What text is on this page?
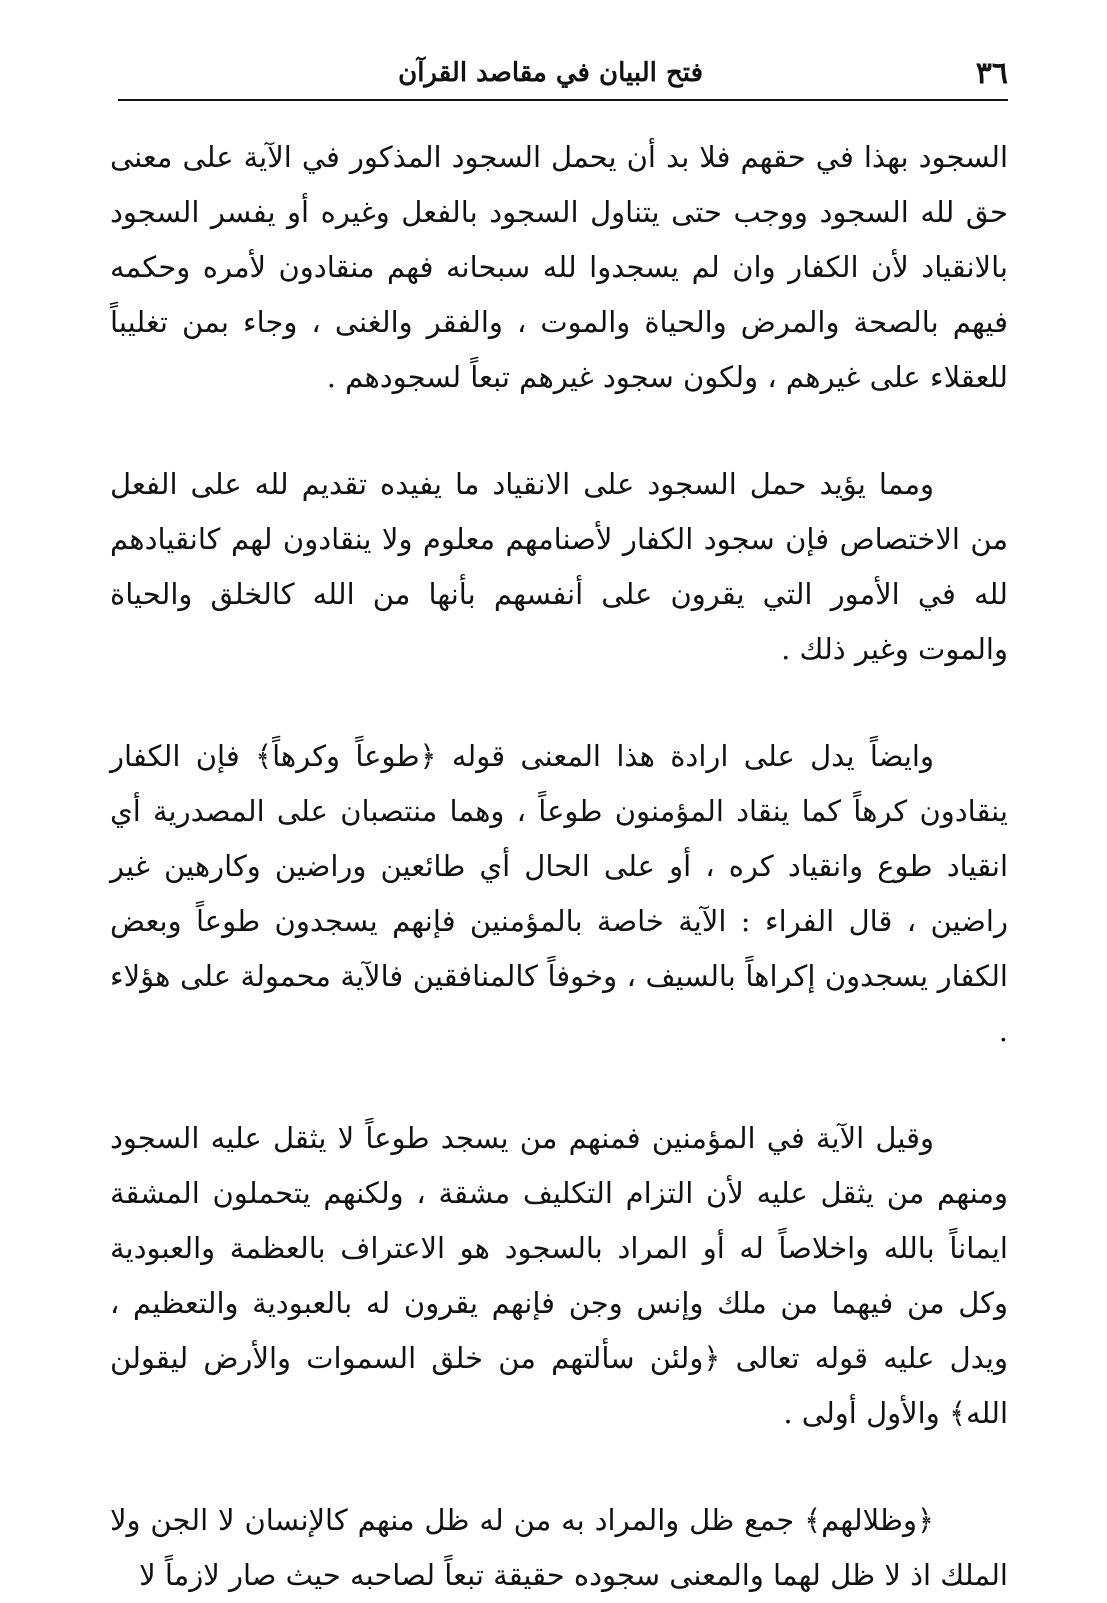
٣٦
فتح البيان في مقاصد القرآن

السجود بهذا في حقهم فلا بد أن يحمل السجود المذكور في الآية على معنى حق لله السجود ووجب حتى يتناول السجود بالفعل وغيره أو يفسر السجود بالانقياد لأن الكفار وان لم يسجدوا لله سبحانه فهم منقادون لأمره وحكمه فيهم بالصحة والمرض والحياة والموت ، والفقر والغنى ، وجاء بمن تغليباً للعقلاء على غيرهم ، ولكون سجود غيرهم تبعاً لسجودهم .

ومما يؤيد حمل السجود على الانقياد ما يفيده تقديم لله على الفعل من الاختصاص فإن سجود الكفار لأصنامهم معلوم ولا ينقادون لهم كانقيادهم لله في الأمور التي يقرون على أنفسهم بأنها من الله كالخلق والحياة والموت وغير ذلك .

وايضاً يدل على ارادة هذا المعنى قوله ﴿طوعاً وكرهاً﴾ فإن الكفار ينقادون كرهاً كما ينقاد المؤمنون طوعاً ، وهما منتصبان على المصدرية أي انقياد طوع وانقياد كره ، أو على الحال أي طائعين وراضين وكارهين غير راضين ، قال الفراء : الآية خاصة بالمؤمنين فإنهم يسجدون طوعاً وبعض الكفار يسجدون إكراهاً بالسيف ، وخوفاً كالمنافقين فالآية محمولة على هؤلاء .

وقيل الآية في المؤمنين فمنهم من يسجد طوعاً لا يثقل عليه السجود ومنهم من يثقل عليه لأن التزام التكليف مشقة ، ولكنهم يتحملون المشقة ايماناً بالله واخلاصاً له أو المراد بالسجود هو الاعتراف بالعظمة والعبودية وكل من فيهما من ملك وإنس وجن فإنهم يقرون له بالعبودية والتعظيم ، ويدل عليه قوله تعالى ﴿ولئن سألتهم من خلق السموات والأرض ليقولن الله﴾ والأول أولى .

﴿وظلالهم﴾ جمع ظل والمراد به من له ظل منهم كالإنسان لا الجن ولا الملك اذ لا ظل لهما والمعنى سجوده حقيقة تبعاً لصاحبه حيث صار لازماً لا
